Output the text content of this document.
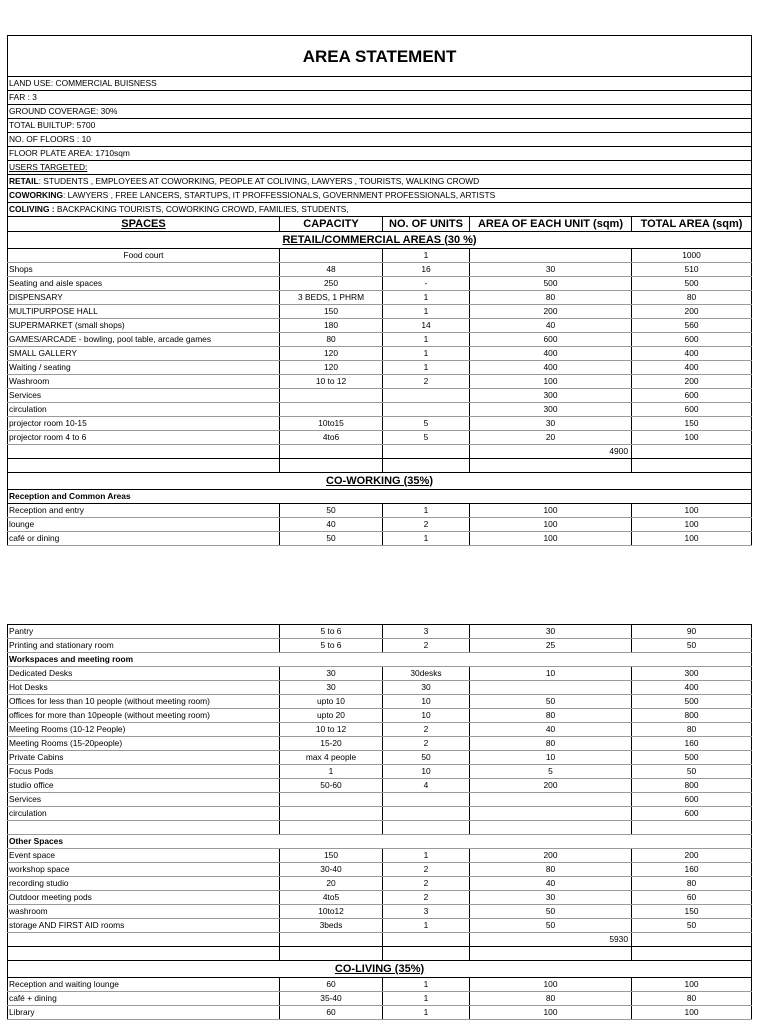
AREA STATEMENT				
LAND USE: COMMERCIAL BUISNESS				
FAR : 3				
GROUND COVERAGE: 30%				
TOTAL BUILTUP: 5700				
NO. OF FLOORS : 10				
FLOOR PLATE AREA: 1710sqm				
USERS TARGETED:				
RETAIL: STUDENTS , EMPLOYEES AT COWORKING, PEOPLE AT COLIVING, LAWYERS , TOURISTS, WALKING CROWD				
COWORKING: LAWYERS , FREE LANCERS, STARTUPS, IT PROFFESSIONALS, GOVERNMENT PROFESSIONALS, ARTISTS				
COLIVING : BACKPACKING TOURISTS, COWORKING CROWD, FAMILIES, STUDENTS,				
SPACES	CAPACITY	NO. OF UNITS	AREA OF EACH UNIT (sqm)	TOTAL AREA (sqm)
RETAIL/COMMERCIAL AREAS (30 %)				
Food court		1		1000
Shops	48	16	30	510
Seating and aisle spaces	250	-	500	500
DISPENSARY	3 BEDS, 1 PHRM	1	80	80
MULTIPURPOSE HALL	150	1	200	200
SUPERMARKET (small shops)	180	14	40	560
GAMES/ARCADE - bowling, pool table, arcade games	80	1	600	600
SMALL GALLERY	120	1	400	400
Waiting / seating	120	1	400	400
Washroom	10 to 12	2	100	200
Services			300	600
circulation			300	600
projector room 10-15	10to15	5	30	150
projector room 4 to 6	4to6	5	20	100
			4900	

CO-WORKING (35%)				
Reception and Common Areas				
Reception and entry	50	1	100	100
lounge	40	2	100	100
café or dining	50	1	100	100

Pantry	5 to 6	3	30	90
Printing and stationary room	5 to 6	2	25	50
Workspaces and meeting room				
Dedicated Desks	30	30desks	10	300
Hot Desks	30	30		400
Offices for less than 10 people (without meeting room)	upto 10	10	50	500
offices for more than 10people (without meeting room)	upto 20	10	80	800
Meeting Rooms (10-12 People)	10 to 12	2	40	80
Meeting Rooms (15-20people)	15-20	2	80	160
Private Cabins	max 4 people	50	10	500
Focus Pods	1	10	5	50
studio office	50-60	4	200	800
Services				600
circulation				600

Other Spaces				
Event space	150	1	200	200
workshop space	30-40	2	80	160
recording studio	20	2	40	80
Outdoor meeting pods	4to5	2	30	60
washroom	10to12	3	50	150
storage AND FIRST AID rooms	3beds	1	50	50
			5930	

CO-LIVING (35%)				
Reception and waiting lounge	60	1	100	100
café + dining	35-40	1	80	80
Library	60	1	100	100
